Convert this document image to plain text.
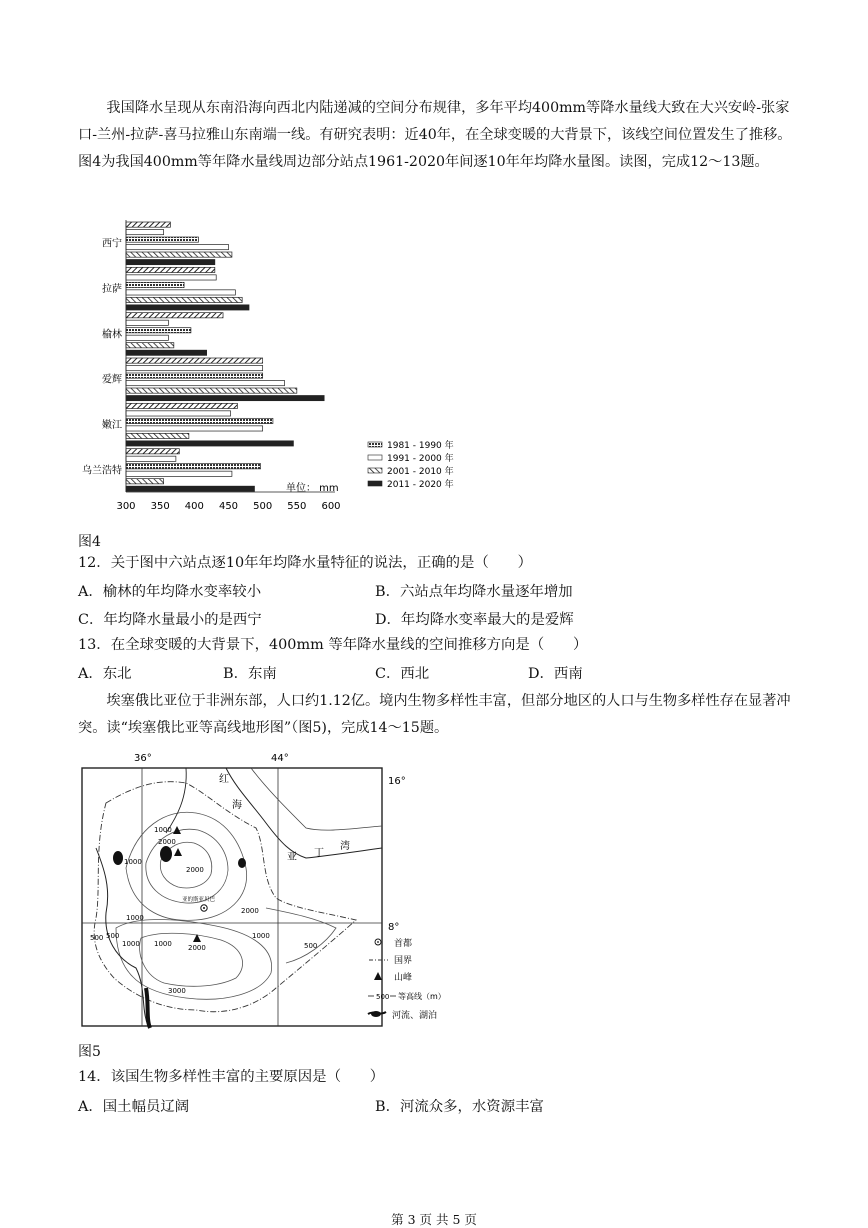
我国降水呈现从东南沿海向西北内陆递减的空间分布规律，多年平均400mm等降水量线大致在大兴安岭-张家口-兰州-拉萨-喜马拉雅山东南端一线。有研究表明：近40年，在全球变暖的大背景下，该线空间位置发生了推移。图4为我国400mm等年降水量线周边部分站点1961-2020年间逐10年年均降水量图。读图，完成12～13题。
300 350 400 450 500 550 600
西宁
拉萨
榆林
爱辉
嫩江
乌兰浩特
1981 - 1990 年
1991 - 2000 年
2001 - 2010 年
2011 - 2020 年
单位： mm
图4
12．关于图中六站点逐10年年均降水量特征的说法，正确的是（　　）
A．榆林的年均降水变率较小	B．六站点年均降水量逐年增加
C．年均降水量最小的是西宁	D．年均降水变率最大的是爱辉
13．在全球变暖的大背景下，400mm 等年降水量线的空间推移方向是（　　）
A．东北	B．东南	C．西北	D．西南
埃塞俄比亚位于非洲东部，人口约1.12亿。境内生物多样性丰富，但部分地区的人口与生物多样性存在显著冲突。读“埃塞俄比亚等高线地形图”（图5)，完成14～15题。
36°	44°
16°
8°
红
海
亚 丁
湾
亚的斯亚贝巴
1000
2000
1000
2000
2000
1000
500
1000
500
1000 2000
1000
3000
500	首都
国界
山峰
500 等高线（m）
河流、湖泊
图5
14．该国生物多样性丰富的主要原因是（　　）
A．国土幅员辽阔	B．河流众多，水资源丰富
第 3 页 共 5 页
